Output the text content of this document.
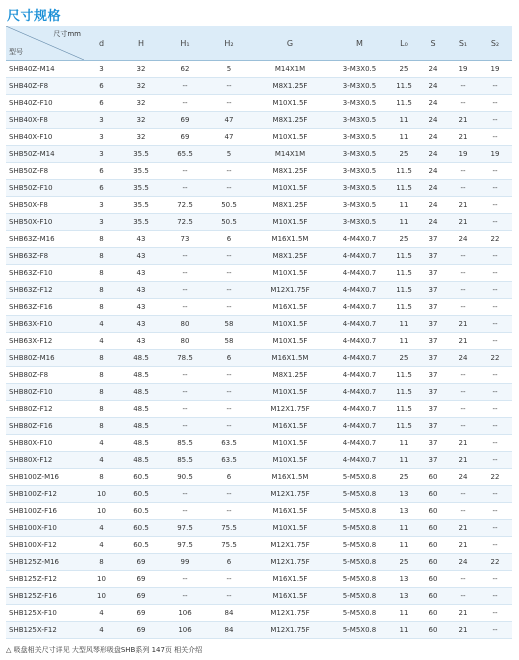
尺寸规格
尺寸mm
型号	d	H	H₁	H₂	G	M	L₀	S	S₁	S₂
SHB40Z-M14	3	32	62	5	M14X1M	3-M3X0.5	25	24	19	19
SHB40Z-F8	6	32	--	--	M8X1.25F	3-M3X0.5	11.5	24	--	--
SHB40Z-F10	6	32	--	--	M10X1.5F	3-M3X0.5	11.5	24	--	--
SHB40X-F8	3	32	69	47	M8X1.25F	3-M3X0.5	11	24	21	--
SHB40X-F10	3	32	69	47	M10X1.5F	3-M3X0.5	11	24	21	--
SHB50Z-M14	3	35.5	65.5	5	M14X1M	3-M3X0.5	25	24	19	19
SHB50Z-F8	6	35.5	--	--	M8X1.25F	3-M3X0.5	11.5	24	--	--
SHB50Z-F10	6	35.5	--	--	M10X1.5F	3-M3X0.5	11.5	24	--	--
SHB50X-F8	3	35.5	72.5	50.5	M8X1.25F	3-M3X0.5	11	24	21	--
SHB50X-F10	3	35.5	72.5	50.5	M10X1.5F	3-M3X0.5	11	24	21	--
SHB63Z-M16	8	43	73	6	M16X1.5M	4-M4X0.7	25	37	24	22
SHB63Z-F8	8	43	--	--	M8X1.25F	4-M4X0.7	11.5	37	--	--
SHB63Z-F10	8	43	--	--	M10X1.5F	4-M4X0.7	11.5	37	--	--
SHB63Z-F12	8	43	--	--	M12X1.75F	4-M4X0.7	11.5	37	--	--
SHB63Z-F16	8	43	--	--	M16X1.5F	4-M4X0.7	11.5	37	--	--
SHB63X-F10	4	43	80	58	M10X1.5F	4-M4X0.7	11	37	21	--
SHB63X-F12	4	43	80	58	M10X1.5F	4-M4X0.7	11	37	21	--
SHB80Z-M16	8	48.5	78.5	6	M16X1.5M	4-M4X0.7	25	37	24	22
SHB80Z-F8	8	48.5	--	--	M8X1.25F	4-M4X0.7	11.5	37	--	--
SHB80Z-F10	8	48.5	--	--	M10X1.5F	4-M4X0.7	11.5	37	--	--
SHB80Z-F12	8	48.5	--	--	M12X1.75F	4-M4X0.7	11.5	37	--	--
SHB80Z-F16	8	48.5	--	--	M16X1.5F	4-M4X0.7	11.5	37	--	--
SHB80X-F10	4	48.5	85.5	63.5	M10X1.5F	4-M4X0.7	11	37	21	--
SHB80X-F12	4	48.5	85.5	63.5	M10X1.5F	4-M4X0.7	11	37	21	--
SHB100Z-M16	8	60.5	90.5	6	M16X1.5M	5-M5X0.8	25	60	24	22
SHB100Z-F12	10	60.5	--	--	M12X1.75F	5-M5X0.8	13	60	--	--
SHB100Z-F16	10	60.5	--	--	M16X1.5F	5-M5X0.8	13	60	--	--
SHB100X-F10	4	60.5	97.5	75.5	M10X1.5F	5-M5X0.8	11	60	21	--
SHB100X-F12	4	60.5	97.5	75.5	M12X1.75F	5-M5X0.8	11	60	21	--
SHB125Z-M16	8	69	99	6	M12X1.75F	5-M5X0.8	25	60	24	22
SHB125Z-F12	10	69	--	--	M16X1.5F	5-M5X0.8	13	60	--	--
SHB125Z-F16	10	69	--	--	M16X1.5F	5-M5X0.8	13	60	--	--
SHB125X-F10	4	69	106	84	M12X1.75F	5-M5X0.8	11	60	21	--
SHB125X-F12	4	69	106	84	M12X1.75F	5-M5X0.8	11	60	21	--
△ 吸盘相关尺寸详见 大型风琴形吸盘SHB系列 147页 相关介绍
